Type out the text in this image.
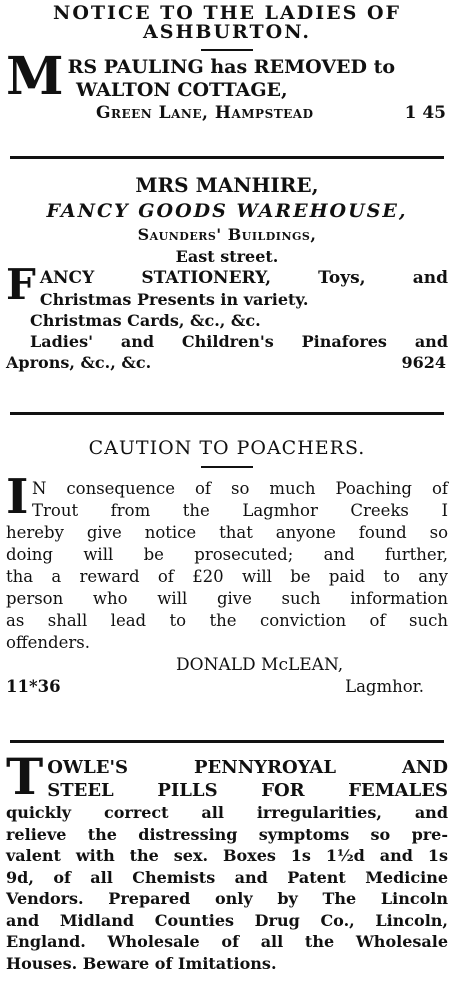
NOTICE TO THE LADIES OF
ASHBURTON.
M RS PAULING has REMOVED to
WALTON COTTAGE,
Green Lane, Hampstead	1 45
MRS MANHIRE,
FANCY GOODS WAREHOUSE,
Saunders' Buildings,
East street.
F ANCY STATIONERY, Toys, and
Christmas Presents in variety.
Christmas Cards, &c., &c.
Ladies' and Children's Pinafores and
Aprons, &c., &c.	9624
CAUTION TO POACHERS.
I N consequence of so much Poaching of
Trout from the Lagmhor Creeks I
hereby give notice that anyone found so
doing will be prosecuted; and further,
tha a reward of £20 will be paid to any
person who will give such information
as shall lead to the conviction of such
offenders.
DONALD McLEAN,
11*36	Lagmhor.
T OWLE'S PENNYROYAL AND
STEEL PILLS FOR FEMALES
quickly correct all irregularities, and
relieve the distressing symptoms so pre-
valent with the sex. Boxes 1s 1½d and 1s
9d, of all Chemists and Patent Medicine
Vendors. Prepared only by The Lincoln
and Midland Counties Drug Co., Lincoln,
England. Wholesale of all the Wholesale
Houses. Beware of Imitations.
